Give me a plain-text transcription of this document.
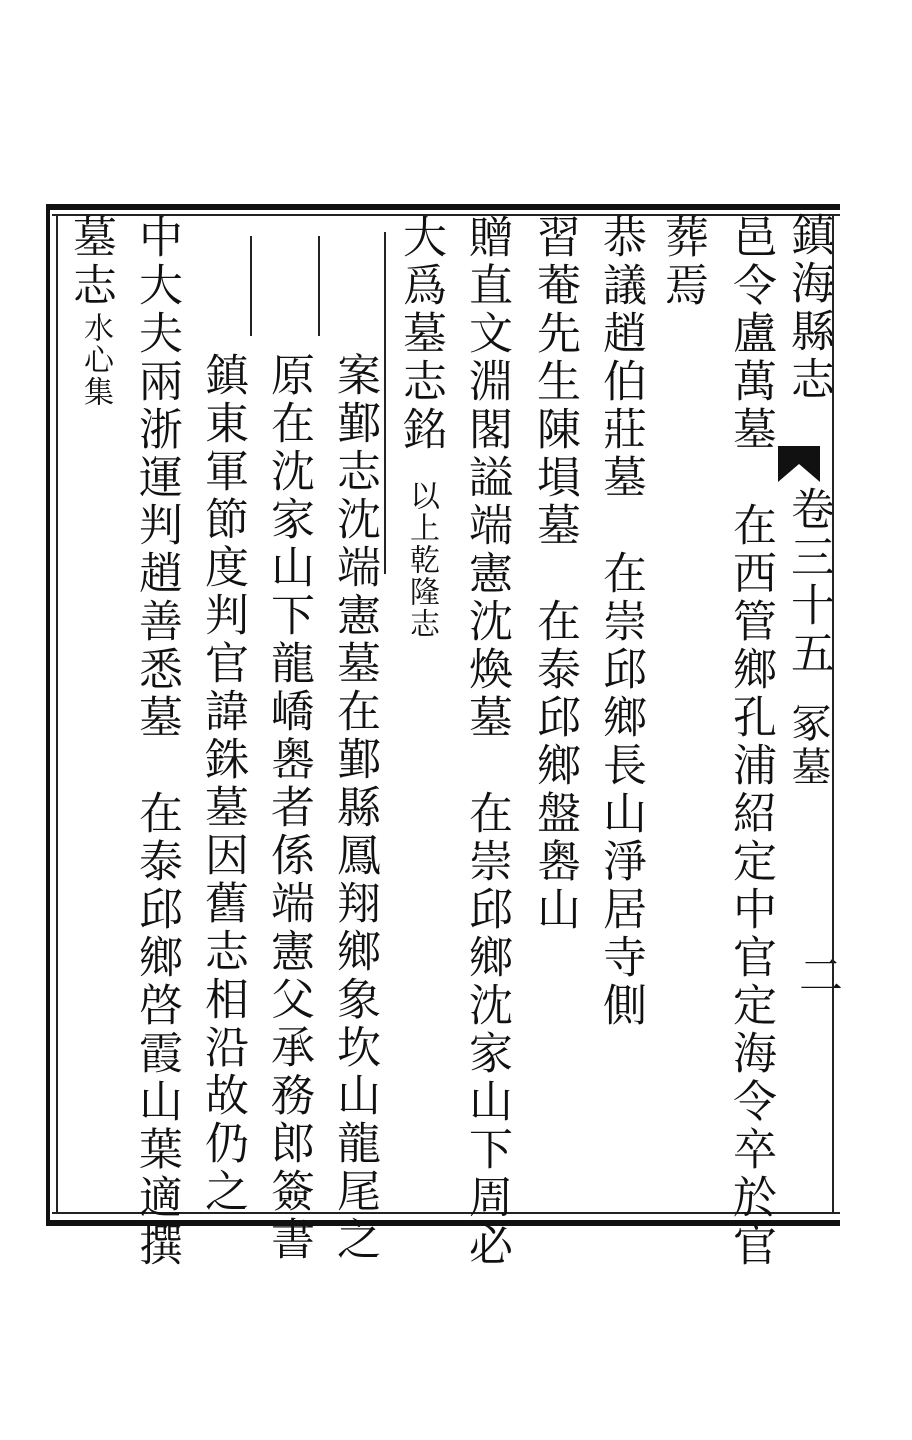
鎮海縣志
卷三十五
冢墓
二
邑令盧萬墓　在西管鄉孔浦紹定中官定海令卒於官
葬焉
恭議趙伯莊墓　在崇邱鄉長山淨居寺側
習菴先生陳塤墓　在泰邱鄉盤嶴山
贈直文淵閣謚端憲沈煥墓　在崇邱鄉沈家山下周必
大爲墓志銘
以上乾隆志
案鄞志沈端憲墓在鄞縣鳳翔鄉象坎山龍尾之
原在沈家山下龍嶠嶴者係端憲父承務郎簽書
鎮東軍節度判官諱銖墓因舊志相沿故仍之
中大夫兩浙運判趙善悉墓　在泰邱鄉啓霞山葉適撰
墓志
水心集
